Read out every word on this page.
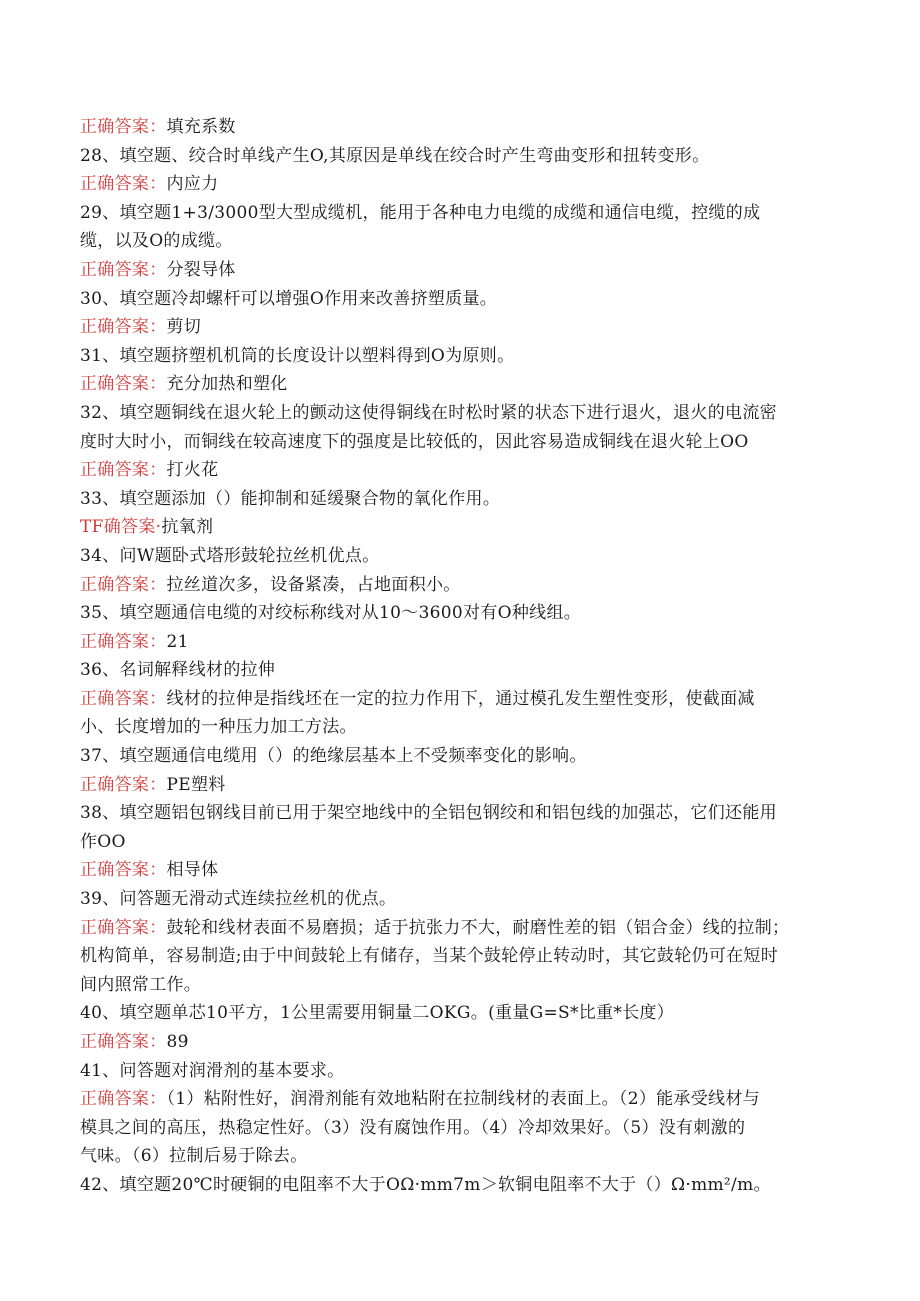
正确答案：填充系数
28、填空题、绞合时单线产生O,其原因是单线在绞合时产生弯曲变形和扭转变形。
正确答案：内应力
29、填空题1+3/3000型大型成缆机，能用于各种电力电缆的成缆和通信电缆，控缆的成
缆，以及O的成缆。
正确答案：分裂导体
30、填空题冷却螺杆可以增强O作用来改善挤塑质量。
正确答案：剪切
31、填空题挤塑机机筒的长度设计以塑料得到O为原则。
正确答案：充分加热和塑化
32、填空题铜线在退火轮上的颤动这使得铜线在时松时紧的状态下进行退火，退火的电流密
度时大时小，而铜线在较高速度下的强度是比较低的，因此容易造成铜线在退火轮上OO
正确答案：打火花
33、填空题添加（）能抑制和延缓聚合物的氧化作用。
TF确答案·抗氧剂
34、问W题卧式塔形鼓轮拉丝机优点。
正确答案：拉丝道次多，设备紧凑，占地面积小。
35、填空题通信电缆的对绞标称线对从10～3600对有O种线组。
正确答案：21
36、名词解释线材的拉伸
正确答案：线材的拉伸是指线坯在一定的拉力作用下，通过模孔发生塑性变形，使截面减
小、长度增加的一种压力加工方法。
37、填空题通信电缆用（）的绝缘层基本上不受频率变化的影响。
正确答案：PE塑料
38、填空题铝包钢线目前已用于架空地线中的全铝包钢绞和和铝包线的加强芯，它们还能用
作OO
正确答案：相导体
39、问答题无滑动式连续拉丝机的优点。
正确答案：鼓轮和线材表面不易磨损；适于抗张力不大，耐磨性差的铝（铝合金）线的拉制；
机构简单，容易制造;由于中间鼓轮上有储存，当某个鼓轮停止转动时，其它鼓轮仍可在短时
间内照常工作。
40、填空题单芯10平方，1公里需要用铜量二OKG。(重量G=S*比重*长度）
正确答案：89
41、问答题对润滑剂的基本要求。
正确答案：（1）粘附性好，润滑剂能有效地粘附在拉制线材的表面上。（2）能承受线材与
模具之间的高压，热稳定性好。（3）没有腐蚀作用。（4）冷却效果好。（5）没有刺激的
气味。（6）拉制后易于除去。
42、填空题20℃时硬铜的电阻率不大于OΩ·mm7m＞软铜电阻率不大于（）Ω·mm²/m。
